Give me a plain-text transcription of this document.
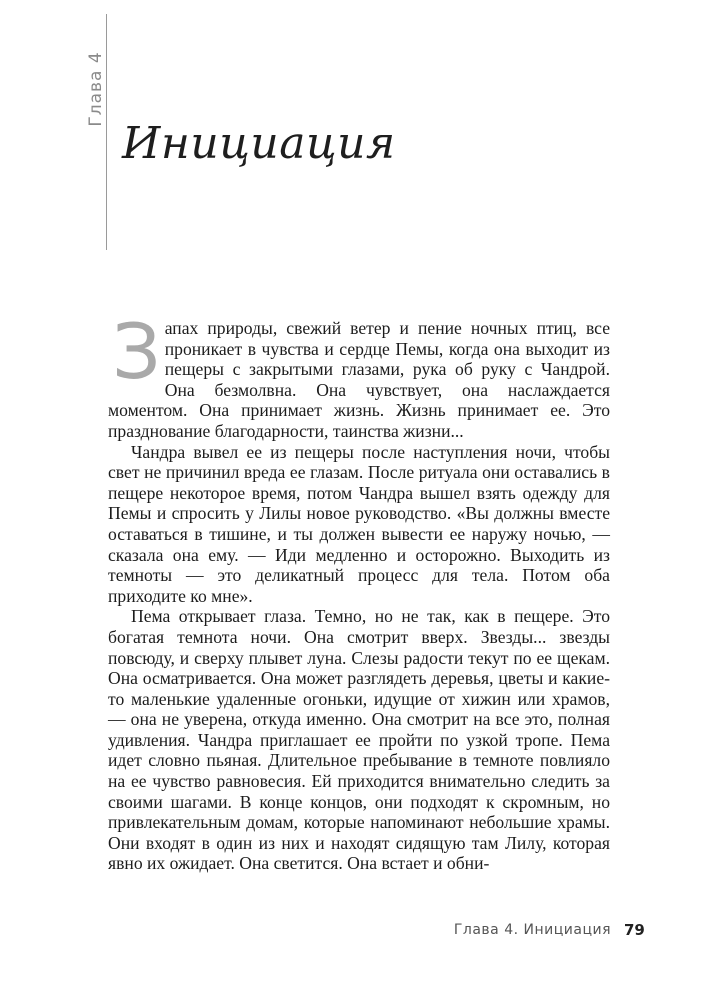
Глава 4
Инициация

Запах природы, свежий ветер и пение ночных птиц, все проникает в чувства и сердце Пемы, когда она выходит из пещеры с закрытыми глазами, рука об руку с Чандрой. Она безмолвна. Она чувствует, она наслаждается моментом. Она принимает жизнь. Жизнь принимает ее. Это празднование благодарности, таинства жизни...

Чандра вывел ее из пещеры после наступления ночи, чтобы свет не причинил вреда ее глазам. После ритуала они оставались в пещере некоторое время, потом Чандра вышел взять одежду для Пемы и спросить у Лилы новое руководство. «Вы должны вместе оставаться в тишине, и ты должен вывести ее наружу ночью, — сказала она ему. — Иди медленно и осторожно. Выходить из темноты — это деликатный процесс для тела. Потом оба приходите ко мне».

Пема открывает глаза. Темно, но не так, как в пещере. Это богатая темнота ночи. Она смотрит вверх. Звезды... звезды повсюду, и сверху плывет луна. Слезы радости текут по ее щекам. Она осматривается. Она может разглядеть деревья, цветы и какие-то маленькие удаленные огоньки, идущие от хижин или храмов, — она не уверена, откуда именно. Она смотрит на все это, полная удивления. Чандра приглашает ее пройти по узкой тропе. Пема идет словно пьяная. Длительное пребывание в темноте повлияло на ее чувство равновесия. Ей приходится внимательно следить за своими шагами. В конце концов, они подходят к скромным, но привлекательным домам, которые напоминают небольшие храмы. Они входят в один из них и находят сидящую там Лилу, которая явно их ожидает. Она светится. Она встает и обни-

Глава 4. Инициация 79
